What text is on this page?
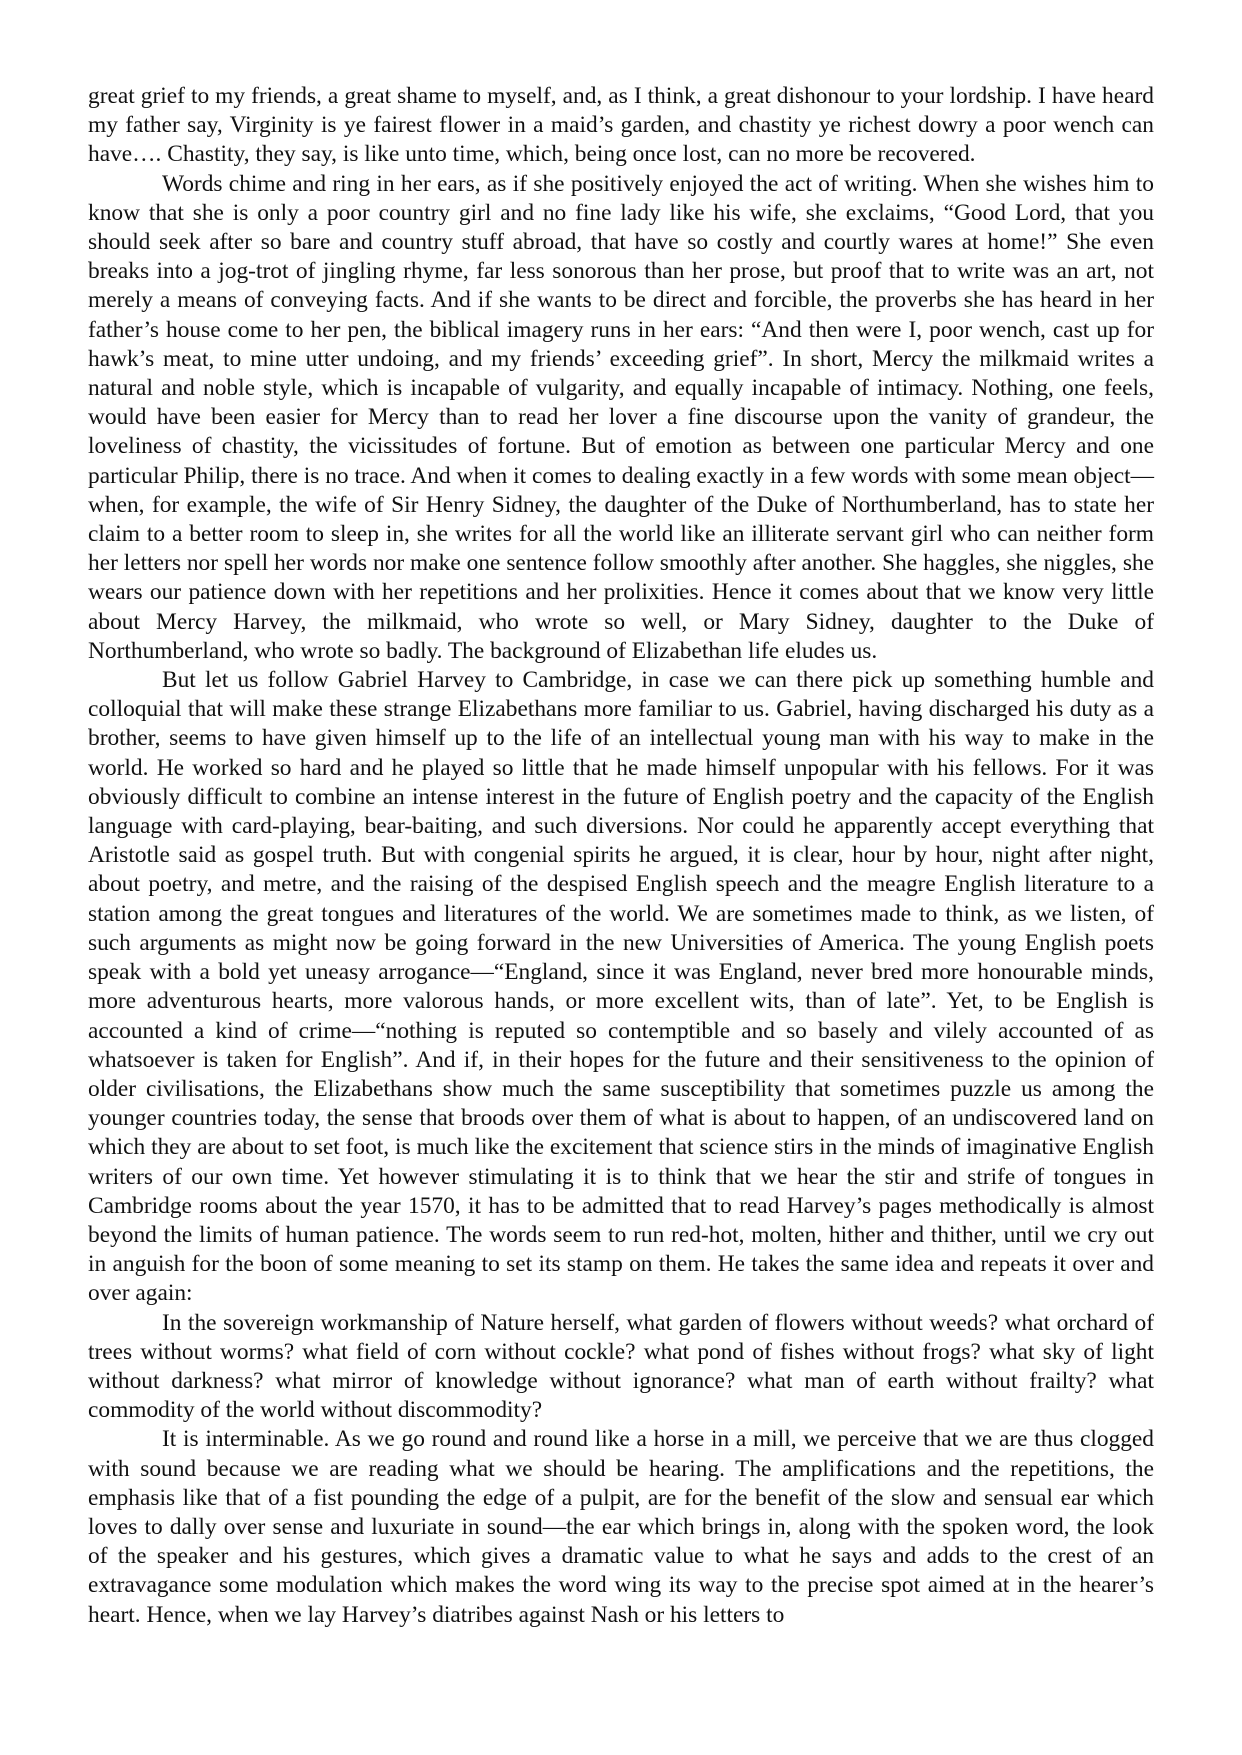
great grief to my friends, a great shame to myself, and, as I think, a great dishonour to your lordship. I have heard my father say, Virginity is ye fairest flower in a maid’s garden, and chastity ye richest dowry a poor wench can have…. Chastity, they say, is like unto time, which, being once lost, can no more be recovered.

Words chime and ring in her ears, as if she positively enjoyed the act of writing. When she wishes him to know that she is only a poor country girl and no fine lady like his wife, she exclaims, “Good Lord, that you should seek after so bare and country stuff abroad, that have so costly and courtly wares at home!” She even breaks into a jog-trot of jingling rhyme, far less sonorous than her prose, but proof that to write was an art, not merely a means of conveying facts. And if she wants to be direct and forcible, the proverbs she has heard in her father’s house come to her pen, the biblical imagery runs in her ears: “And then were I, poor wench, cast up for hawk’s meat, to mine utter undoing, and my friends’ exceeding grief”. In short, Mercy the milkmaid writes a natural and noble style, which is incapable of vulgarity, and equally incapable of intimacy. Nothing, one feels, would have been easier for Mercy than to read her lover a fine discourse upon the vanity of grandeur, the loveliness of chastity, the vicissitudes of fortune. But of emotion as between one particular Mercy and one particular Philip, there is no trace. And when it comes to dealing exactly in a few words with some mean object—when, for example, the wife of Sir Henry Sidney, the daughter of the Duke of Northumberland, has to state her claim to a better room to sleep in, she writes for all the world like an illiterate servant girl who can neither form her letters nor spell her words nor make one sentence follow smoothly after another. She haggles, she niggles, she wears our patience down with her repetitions and her prolixities. Hence it comes about that we know very little about Mercy Harvey, the milkmaid, who wrote so well, or Mary Sidney, daughter to the Duke of Northumberland, who wrote so badly. The background of Elizabethan life eludes us.

But let us follow Gabriel Harvey to Cambridge, in case we can there pick up something humble and colloquial that will make these strange Elizabethans more familiar to us. Gabriel, having discharged his duty as a brother, seems to have given himself up to the life of an intellectual young man with his way to make in the world. He worked so hard and he played so little that he made himself unpopular with his fellows. For it was obviously difficult to combine an intense interest in the future of English poetry and the capacity of the English language with card-playing, bear-baiting, and such diversions. Nor could he apparently accept everything that Aristotle said as gospel truth. But with congenial spirits he argued, it is clear, hour by hour, night after night, about poetry, and metre, and the raising of the despised English speech and the meagre English literature to a station among the great tongues and literatures of the world. We are sometimes made to think, as we listen, of such arguments as might now be going forward in the new Universities of America. The young English poets speak with a bold yet uneasy arrogance—“England, since it was England, never bred more honourable minds, more adventurous hearts, more valorous hands, or more excellent wits, than of late”. Yet, to be English is accounted a kind of crime—“nothing is reputed so contemptible and so basely and vilely accounted of as whatsoever is taken for English”. And if, in their hopes for the future and their sensitiveness to the opinion of older civilisations, the Elizabethans show much the same susceptibility that sometimes puzzle us among the younger countries today, the sense that broods over them of what is about to happen, of an undiscovered land on which they are about to set foot, is much like the excitement that science stirs in the minds of imaginative English writers of our own time. Yet however stimulating it is to think that we hear the stir and strife of tongues in Cambridge rooms about the year 1570, it has to be admitted that to read Harvey’s pages methodically is almost beyond the limits of human patience. The words seem to run red-hot, molten, hither and thither, until we cry out in anguish for the boon of some meaning to set its stamp on them. He takes the same idea and repeats it over and over again:

In the sovereign workmanship of Nature herself, what garden of flowers without weeds? what orchard of trees without worms? what field of corn without cockle? what pond of fishes without frogs? what sky of light without darkness? what mirror of knowledge without ignorance? what man of earth without frailty? what commodity of the world without discommodity?

It is interminable. As we go round and round like a horse in a mill, we perceive that we are thus clogged with sound because we are reading what we should be hearing. The amplifications and the repetitions, the emphasis like that of a fist pounding the edge of a pulpit, are for the benefit of the slow and sensual ear which loves to dally over sense and luxuriate in sound—the ear which brings in, along with the spoken word, the look of the speaker and his gestures, which gives a dramatic value to what he says and adds to the crest of an extravagance some modulation which makes the word wing its way to the precise spot aimed at in the hearer’s heart. Hence, when we lay Harvey’s diatribes against Nash or his letters to
